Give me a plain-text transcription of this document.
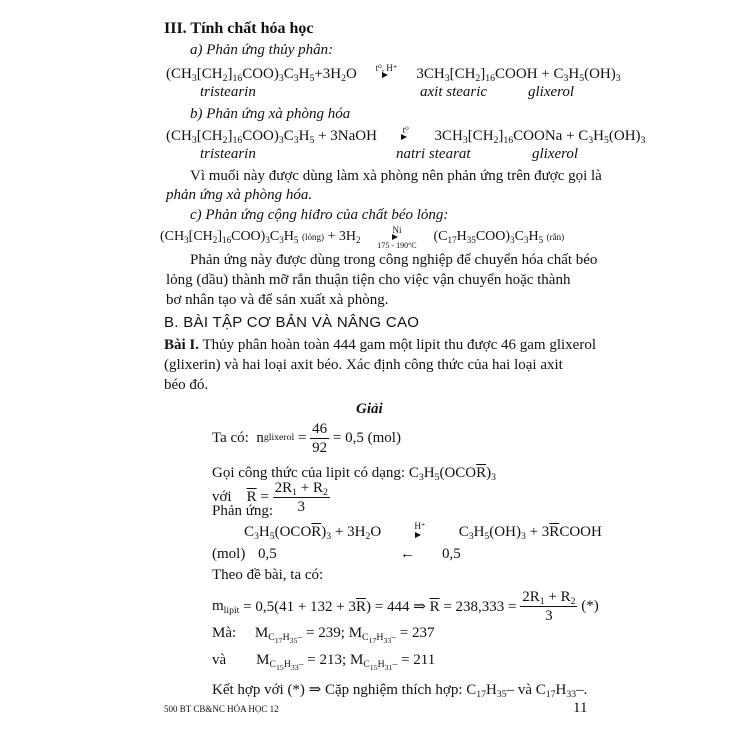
III. Tính chất hóa học
a) Phản ứng thủy phân:
$(CH_3[CH_2]_{16}COO)_3C_3H_5+3H_2O$	t⁰, H⁺	$3CH_3[CH_2]_{16}COOH + C_3H_5(OH)_3$
tristearin	axit stearic	glixerol
b) Phản ứng xà phòng hóa
$(CH_3[CH_2]_{16}COO)_3C_3H_5$ + 3NaOH	t⁰	$3CH_3[CH_2]_{16}COONa + C_3H_5(OH)_3$
tristearin	natri stearat	glixerol
Vì muối này được dùng làm xà phòng nên phản ứng trên được gọi là
phản ứng xà phòng hóa.
c) Phản ứng cộng hiđro của chất béo lỏng:
$(CH_3[CH_2]_{16}COO)_3C_3H_5$ (lỏng) + $3H_2$
Ni
175 - 190°C
$(C_{17}H_{35}COO)_3C_3H_5$ (rắn)
Phản ứng này được dùng trong công nghiệp để chuyển hóa chất béo
lỏng (dầu) thành mỡ rắn thuận tiện cho việc vận chuyển hoặc thành
bơ nhân tạo và để sản xuất xà phòng.
B. BÀI TẬP CƠ BẢN VÀ NÂNG CAO
Bài I. Thủy phân hoàn toàn 444 gam một lipit thu được 46 gam glixerol
(glixerin) và hai loại axit béo. Xác định công thức của hai loại axit
béo đó.
Giải
Ta có:
n glixerol = $\frac{46}{92}$
= 0,5 (mol)
Gọi công thức của lipit có dạng: $C_3H_5(OCO\overline{R})_3$
với
$\overline{R} = \frac{2R_1 + R_2}{3}$
Phản ứng:
$C_3H_5(OCO\overline{R})_3 + 3H_2O$	H⁺	$C_3H_5(OH)_3$ + $3\overline{R}COOH$
(mol) 0,5	← 0,5
Theo đề bài, ta có:
$m_{lipit}$
= $0,5(41 + 132 + 3\overline{R}) = 444$ ⇒ $\overline{R} = 238,333$ =
$\frac{2R_1 + R_2}{3}$
(*)
Mà:     $M_{C_{17}H_{35}-} = 239$; $M_{C_{17}H_{33}-} = 237$
và        $M_{C_{15}H_{33}-} = 213$; $M_{C_{15}H_{31}-} = 211$
Kết hợp với (*) ⇒ Cặp nghiệm thích hợp: $C_{17}H_{35}-$ và $C_{17}H_{33}-$.
500 BT CB&NC HÓA HỌC 12	11
